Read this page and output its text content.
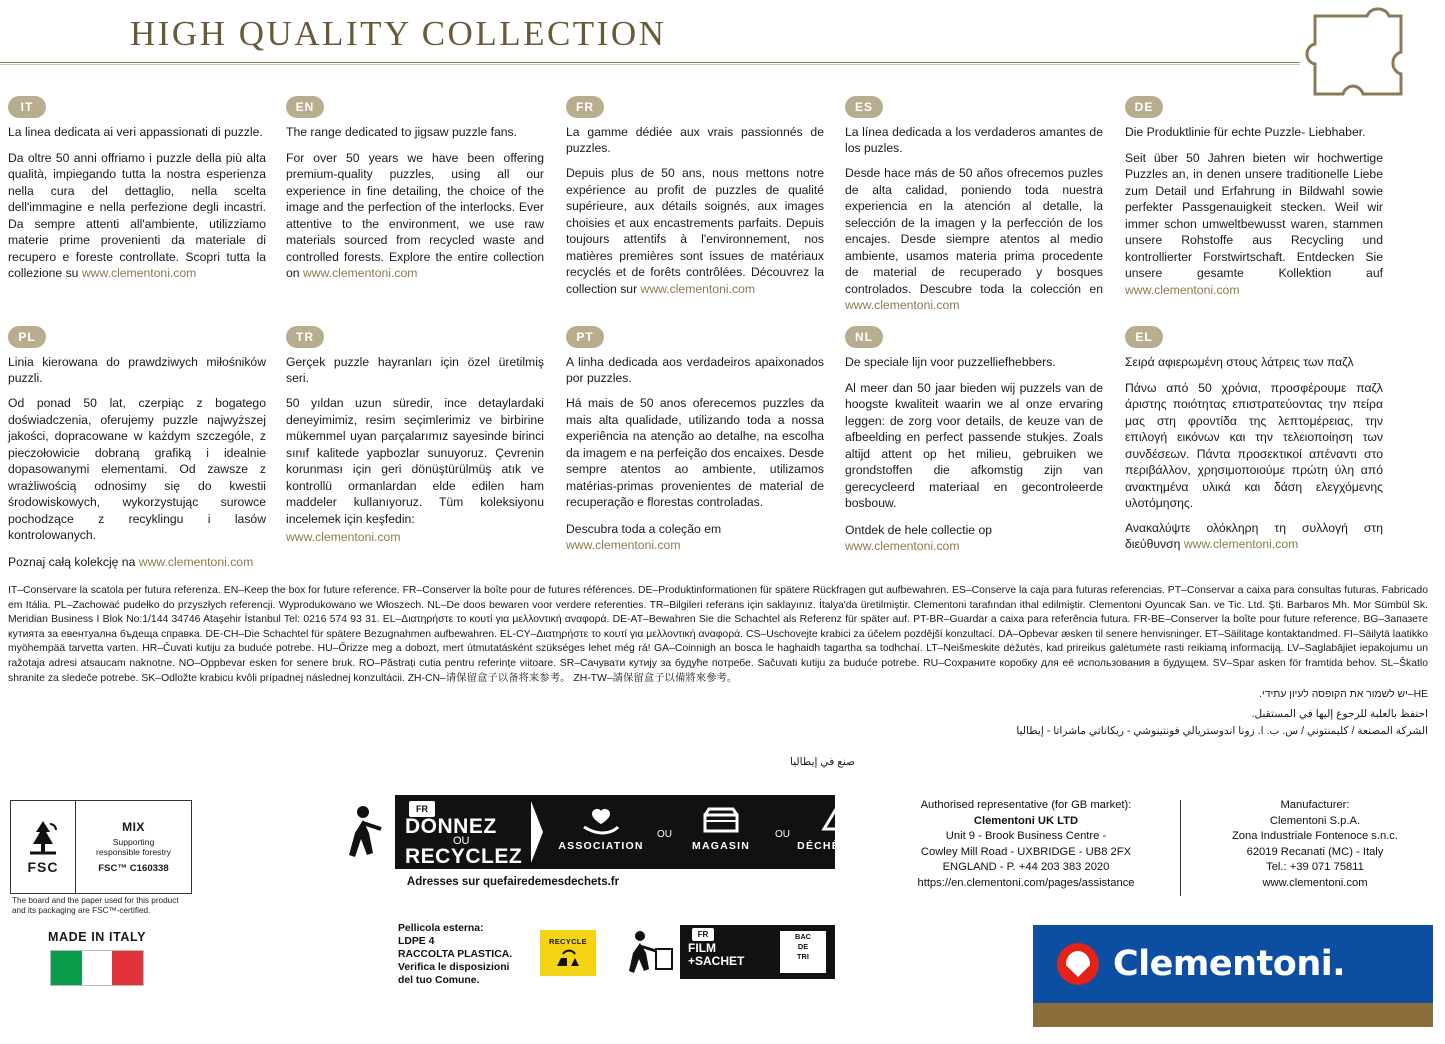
HIGH QUALITY COLLECTION
IT
La linea dedicata ai veri appassionati di puzzle.
Da oltre 50 anni offriamo i puzzle della più alta qualità, impiegando tutta la nostra esperienza nella cura del dettaglio, nella scelta dell'immagine e nella perfezione degli incastri. Da sempre attenti all'ambiente, utilizziamo materie prime provenienti da materiale di recupero e foreste controllate. Scopri tutta la collezione su www.clementoni.com
EN
The range dedicated to jigsaw puzzle fans.
For over 50 years we have been offering premium-quality puzzles, using all our experience in fine detailing, the choice of the image and the perfection of the interlocks. Ever attentive to the environment, we use raw materials sourced from recycled waste and controlled forests. Explore the entire collection on www.clementoni.com
FR
La gamme dédiée aux vrais passionnés de puzzles.
Depuis plus de 50 ans, nous mettons notre expérience au profit de puzzles de qualité supérieure, aux détails soignés, aux images choisies et aux encastrements parfaits. Depuis toujours attentifs à l'environnement, nos matières premières sont issues de matériaux recyclés et de forêts contrôlées. Découvrez la collection sur www.clementoni.com
ES
La línea dedicada a los verdaderos amantes de los puzles.
Desde hace más de 50 años ofrecemos puzles de alta calidad, poniendo toda nuestra experiencia en la atención al detalle, la selección de la imagen y la perfección de los encajes. Desde siempre atentos al medio ambiente, usamos materia prima procedente de material de recuperado y bosques controlados. Descubre toda la colección en www.clementoni.com
DE
Die Produktlinie für echte Puzzle- Liebhaber.
Seit über 50 Jahren bieten wir hochwertige Puzzles an, in denen unsere traditionelle Liebe zum Detail und Erfahrung in Bildwahl sowie perfekter Passgenauigkeit stecken. Weil wir immer schon umweltbewusst waren, stammen unsere Rohstoffe aus Recycling und kontrollierter Forstwirtschaft. Entdecken Sie unsere gesamte Kollektion auf www.clementoni.com
PL
Linia kierowana do prawdziwych miłośników puzzli.
Od ponad 50 lat, czerpiąc z bogatego doświadczenia, oferujemy puzzle najwyższej jakości, dopracowane w każdym szczególe, z pieczołowicie dobraną grafiką i idealnie dopasowanymi elementami. Od zawsze z wrażliwością odnosimy się do kwestii środowiskowych, wykorzystując surowce pochodzące z recyklingu i lasów kontrolowanych.
Poznaj całą kolekcję na www.clementoni.com
TR
Gerçek puzzle hayranları için özel üretilmiş seri.
50 yıldan uzun süredir, ince detaylardaki deneyimimiz, resim seçimlerimiz ve birbirine mükemmel uyan parçalarımız sayesinde birinci sınıf kalitede yapbozlar sunuyoruz. Çevrenin korunması için geri dönüştürülmüş atık ve kontrollü ormanlardan elde edilen ham maddeler kullanıyoruz. Tüm koleksiyonu incelemek için keşfedin:
www.clementoni.com
PT
A linha dedicada aos verdadeiros apaixonados por puzzles.
Há mais de 50 anos oferecemos puzzles da mais alta qualidade, utilizando toda a nossa experiência na atenção ao detalhe, na escolha da imagem e na perfeição dos encaixes. Desde sempre atentos ao ambiente, utilizamos matérias-primas provenientes de material de recuperação e florestas controladas.
Descubra toda a coleção em
www.clementoni.com
NL
De speciale lijn voor puzzelliefhebbers.
Al meer dan 50 jaar bieden wij puzzels van de hoogste kwaliteit waarin we al onze ervaring leggen: de zorg voor details, de keuze van de afbeelding en perfect passende stukjes. Zoals altijd attent op het milieu, gebruiken we grondstoffen die afkomstig zijn van gerecycleerd materiaal en gecontroleerde bosbouw.
Ontdek de hele collectie op
www.clementoni.com
EL
Σειρά αφιερωμένη στους λάτρεις των παζλ
Πάνω από 50 χρόνια, προσφέρουμε παζλ άριστης ποιότητας επιστρατεύοντας την πείρα μας στη φροντίδα της λεπτομέρειας, την επιλογή εικόνων και την τελειοποίηση των συνδέσεων. Πάντα προσεκτικοί απέναντι στο περιβάλλον, χρησιμοποιούμε πρώτη ύλη από ανακτημένα υλικά και δάση ελεγχόμενης υλοτόμησης.
Ανακαλύψτε ολόκληρη τη συλλογή στη διεύθυνση www.clementoni.com
IT–Conservare la scatola per futura referenza. EN–Keep the box for future reference. FR–Conserver la boîte pour de futures références. DE–Produktinformationen für spätere Rückfragen gut aufbewahren. ES–Conserve la caja para futuras referencias. PT–Conservar a caixa para consultas futuras. Fabricado em Itália. PL–Zachować pudełko do przyszłych referencji. Wyprodukowano we Włoszech. NL–De doos bewaren voor verdere referenties. TR–Bilgileri referans için saklayınız. İtalya'da üretilmiştir. Clementoni tarafından ithal edilmiştir. Clementoni Oyuncak San. ve Tic. Ltd. Şti. Barbaros Mh. Mor Sümbül Sk. Meridian Business I Blok No:1/144 34746 Ataşehir İstanbul Tel: 0216 574 93 31. EL–Διατηρήστε το κουτί για μελλοντική αναφορά. DE-AT–Bewahren Sie die Schachtel als Referenz für später auf. PT-BR–Guardar a caixa para referência futura. FR-BE–Conserver la boîte pour future reference. BG–Запазете кутията за евентуална бъдеща справка. DE-CH–Die Schachtel für spätere Bezugnahmen aufbewahren. EL-CY–Διατηρήστε το κουτί για μελλοντική αναφορά. CS–Uschovejte krabici za účelem pozdější konzultací. DA–Opbevar æsken til senere henvisninger. ET–Säilitage kontaktandmed. FI–Säilytä laatikko myöhempää tarvetta varten. HR–Čuvati kutiju za buduće potrebe. HU–Őrizze meg a dobozt, mert útmutatásként szükséges lehet még rá! GA–Coinnigh an bosca le haghaidh tagartha sa todhchaí. LT–Neišmeskite dėžutės, kad prireikus galėtumėte rasti reikiamą informaciją. LV–Saglabājiet iepakojumu un ražotaja adresi atsaucam naknotne. NO–Oppbevar esken for senere bruk. RO–Păstrați cutia pentru referințe viitoare. SR–Сачувати кутију за будуће потребе. Sačuvati kutiju za buduće potrebe. RU–Сохраните коробку для её использования в будущем. SV–Spar asken för framtida behov. SL–Škatlo shranite za sledeče potrebe. SK–Odložte krabicu kvôli prípadnej následnej konzultácii. ZH-CN–请保留盒子以备将来参考。 ZH-TW–請保留盒子以備將來參考。
HE–יש לשמור את הקופסה לעיון עתידי.
احتفظ بالعلبة للرجوع إليها في المستقبل.
الشركة المصنعة / كليمنتوني / س. ب. ا. زونا اندوستريالي فونتينوشي - ريكاناتي ماشراتا - إيطاليا
صنع في إيطاليا
FSC
MIX
Supporting
responsible forestry
FSC™ C160338
The board and the paper used for this product and its packaging are FSC™-certified.
MADE IN ITALY
FR
DONNEZ
OU
RECYCLEZ	ASSOCIATION
OU
MAGASIN
OU
DÉCHÈTERIE
Adresses sur quefairedemesdechets.fr
Pellicola esterna:
LDPE 4
RACCOLTA PLASTICA.
Verifica le disposizioni
del tuo Comune.
RECYCLE
FR
FILM
+SACHET
BAC
DE
TRI
Authorised representative (for GB market):
Clementoni UK LTD
Unit 9 - Brook Business Centre -
Cowley Mill Road - UXBRIDGE - UB8 2FX
ENGLAND - P. +44 203 383 2020
https://en.clementoni.com/pages/assistance
Manufacturer:
Clementoni S.p.A.
Zona Industriale Fontenoce s.n.c.
62019 Recanati (MC) - Italy
Tel.: +39 071 75811
www.clementoni.com
Clementoni.
